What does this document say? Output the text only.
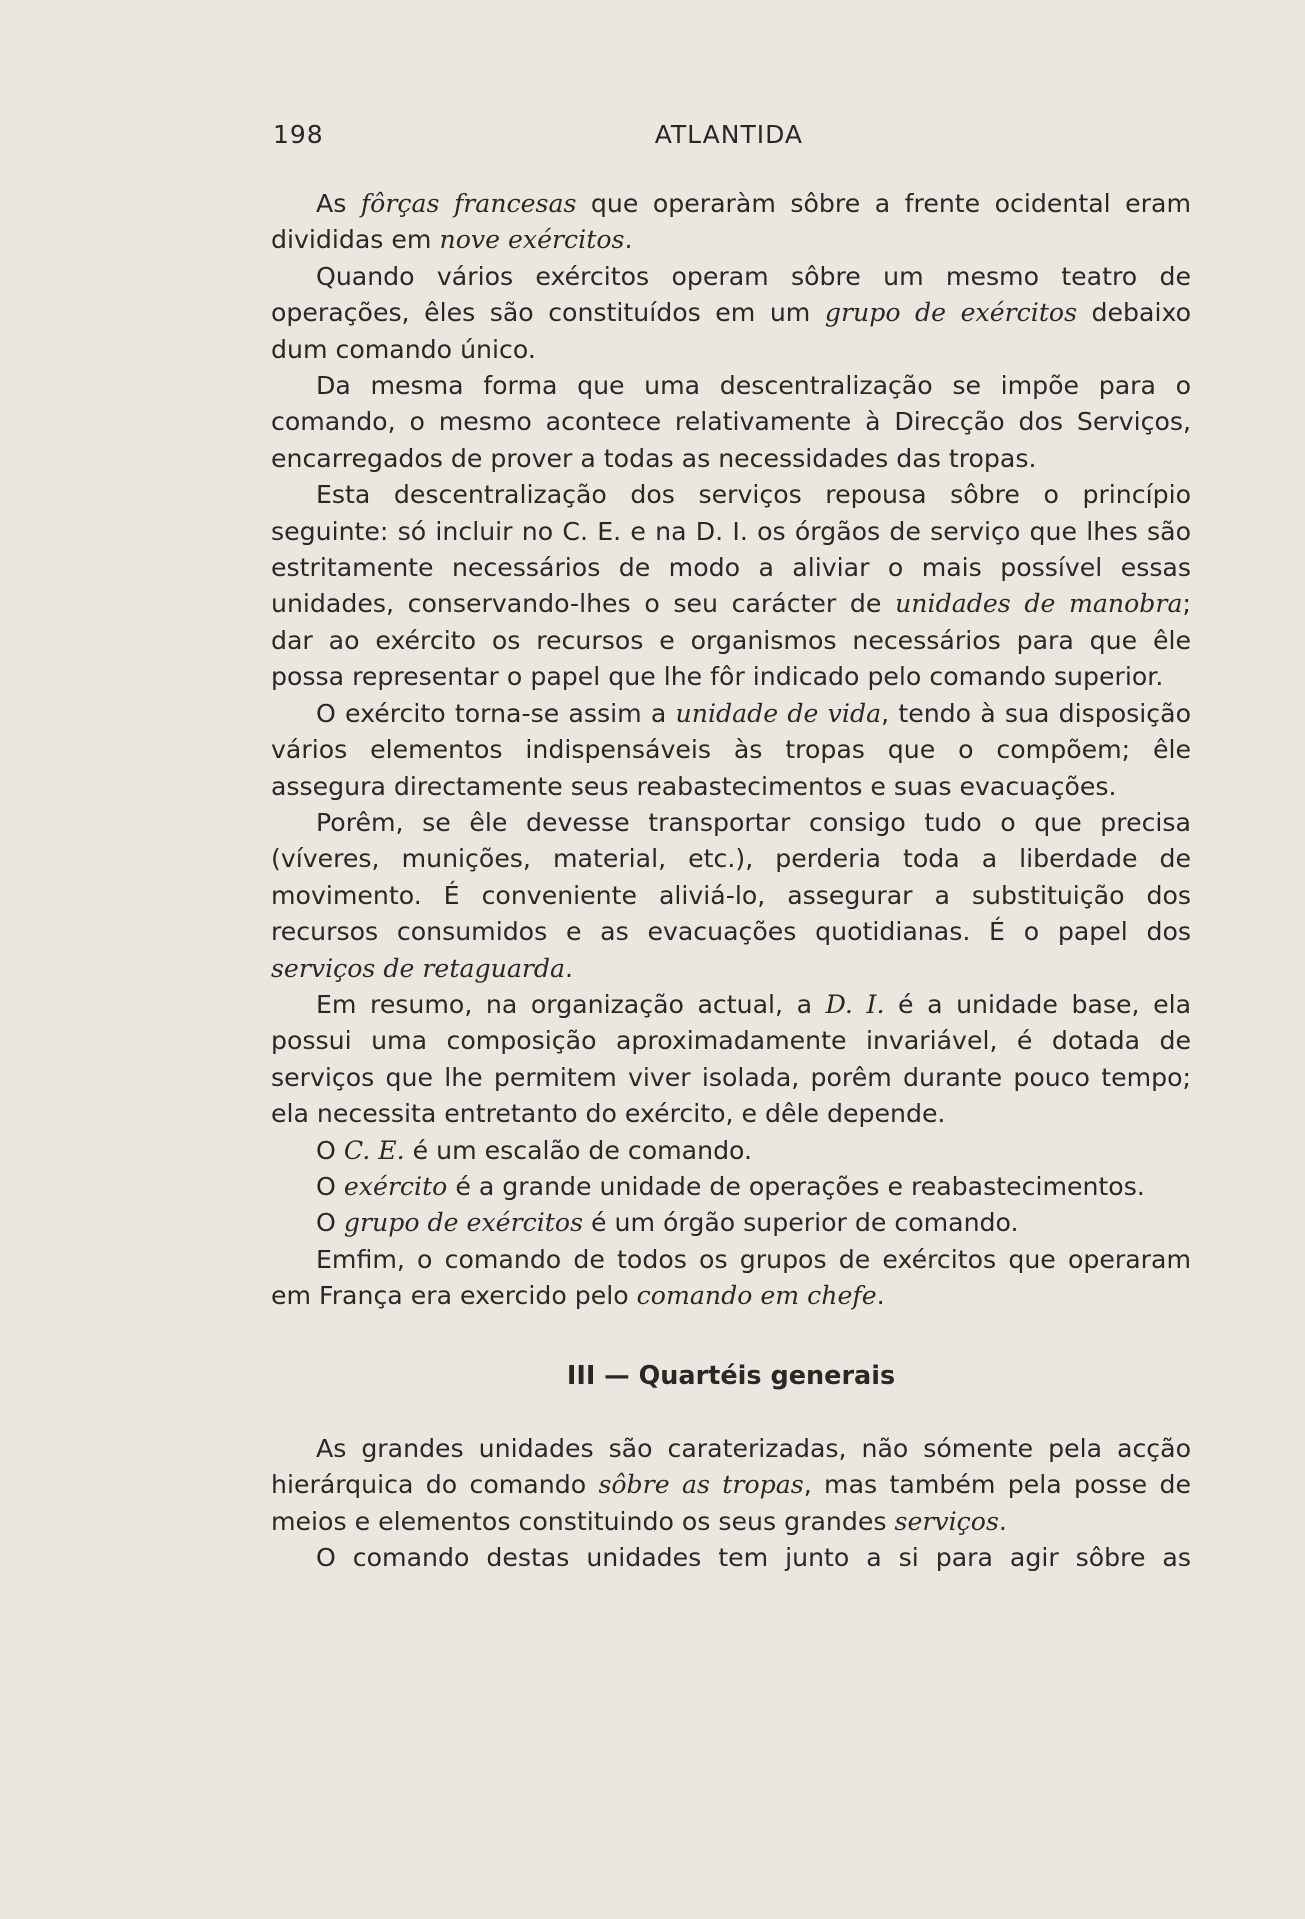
198	ATLANTIDA

As fôrças francesas que operaràm sôbre a frente ocidental eram divididas em nove exércitos.

Quando vários exércitos operam sôbre um mesmo teatro de operações, êles são constituídos em um grupo de exércitos debaixo dum comando único.

Da mesma forma que uma descentralização se impõe para o comando, o mesmo acontece relativamente à Direcção dos Serviços, encarregados de prover a todas as necessidades das tropas.

Esta descentralização dos serviços repousa sôbre o princípio seguinte: só incluir no C. E. e na D. I. os órgãos de serviço que lhes são estritamente necessários de modo a aliviar o mais possível essas unidades, conservando-lhes o seu carácter de unidades de manobra; dar ao exército os recursos e organismos necessários para que êle possa representar o papel que lhe fôr indicado pelo comando superior.

O exército torna-se assim a unidade de vida, tendo à sua disposição vários elementos indispensáveis às tropas que o compõem; êle assegura directamente seus reabastecimentos e suas evacuações.

Porêm, se êle devesse transportar consigo tudo o que precisa (víveres, munições, material, etc.), perderia toda a liberdade de movimento. É conveniente aliviá-lo, assegurar a substituição dos recursos consumidos e as evacuações quotidianas. É o papel dos serviços de retaguarda.

Em resumo, na organização actual, a D. I. é a unidade base, ela possui uma composição aproximadamente invariável, é dotada de serviços que lhe permitem viver isolada, porêm durante pouco tempo; ela necessita entretanto do exército, e dêle depende.

O C. E. é um escalão de comando.

O exército é a grande unidade de operações e reabastecimentos.

O grupo de exércitos é um órgão superior de comando.

Emfim, o comando de todos os grupos de exércitos que operaram em França era exercido pelo comando em chefe.

III — Quartéis generais

As grandes unidades são caraterizadas, não sómente pela acção hierárquica do comando sôbre as tropas, mas também pela posse de meios e elementos constituindo os seus grandes serviços.

O comando destas unidades tem junto a si para agir sôbre as
